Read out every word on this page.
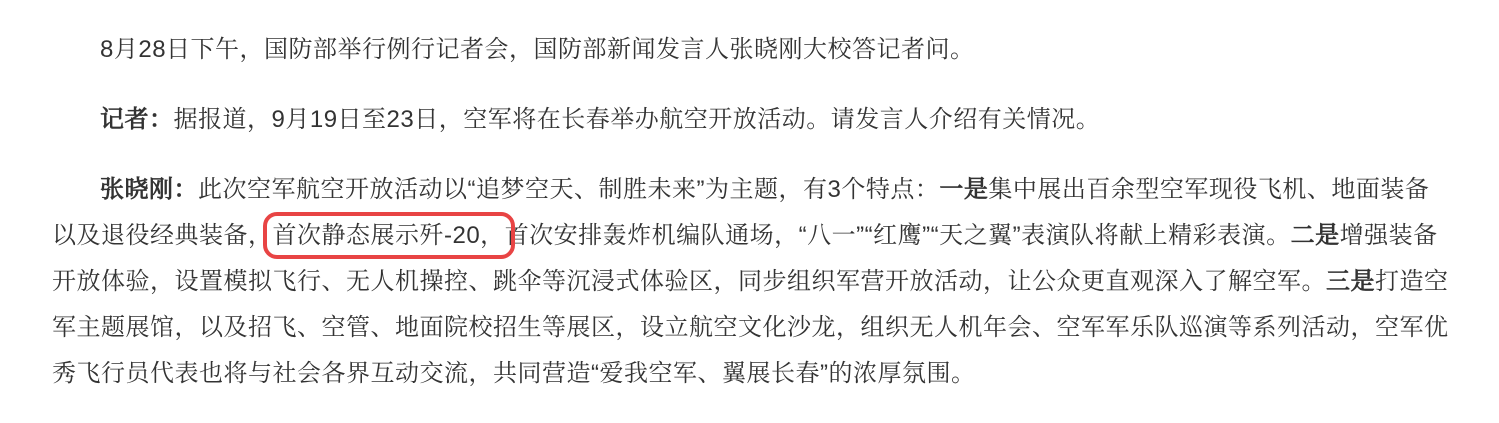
8月28日下午，国防部举行例行记者会，国防部新闻发言人张晓刚大校答记者问。

记者：据报道，9月19日至23日，空军将在长春举办航空开放活动。请发言人介绍有关情况。

张晓刚：此次空军航空开放活动以“追梦空天、制胜未来”为主题，有3个特点：一是集中展出百余型空军现役飞机、地面装备以及退役经典装备，首次静态展示歼-20，首次安排轰炸机编队通场，“八一”“红鹰”“天之翼”表演队将献上精彩表演。二是增强装备开放体验，设置模拟飞行、无人机操控、跳伞等沉浸式体验区，同步组织军营开放活动，让公众更直观深入了解空军。三是打造空军主题展馆，以及招飞、空管、地面院校招生等展区，设立航空文化沙龙，组织无人机年会、空军军乐队巡演等系列活动，空军优秀飞行员代表也将与社会各界互动交流，共同营造“爱我空军、翼展长春”的浓厚氛围。
